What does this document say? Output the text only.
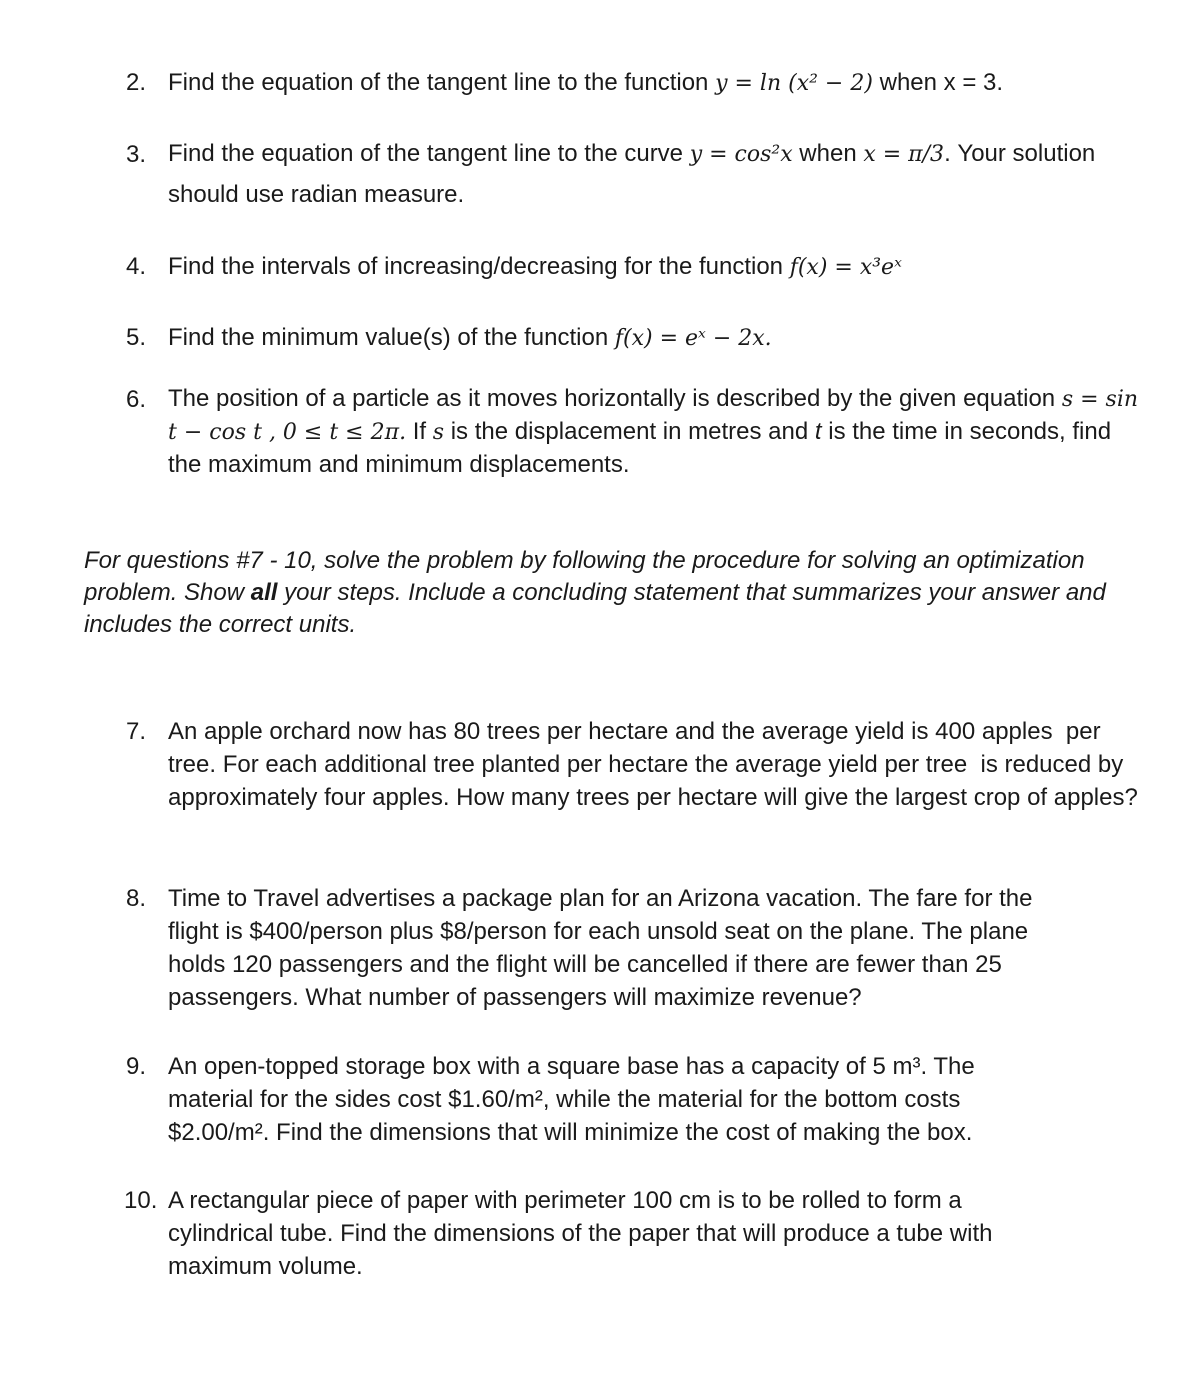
2. Find the equation of the tangent line to the function y = ln (x² − 2) when x = 3.
3. Find the equation of the tangent line to the curve y = cos²x when x = π/3. Your solution should use radian measure.
4. Find the intervals of increasing/decreasing for the function f(x) = x³eˣ
5. Find the minimum value(s) of the function f(x) = eˣ − 2x.
6. The position of a particle as it moves horizontally is described by the given equation s = sin t − cos t , 0 ≤ t ≤ 2π. If s is the displacement in metres and t is the time in seconds, find the maximum and minimum displacements.
For questions #7 - 10, solve the problem by following the procedure for solving an optimization problem. Show all your steps. Include a concluding statement that summarizes your answer and includes the correct units.
7. An apple orchard now has 80 trees per hectare and the average yield is 400 apples  per tree. For each additional tree planted per hectare the average yield per tree  is reduced by approximately four apples. How many trees per hectare will give the largest crop of apples?
8. Time to Travel advertises a package plan for an Arizona vacation. The fare for the flight is $400/person plus $8/person for each unsold seat on the plane. The plane holds 120 passengers and the flight will be cancelled if there are fewer than 25 passengers. What number of passengers will maximize revenue?
9. An open-topped storage box with a square base has a capacity of 5 m³. The material for the sides cost $1.60/m², while the material for the bottom costs $2.00/m². Find the dimensions that will minimize the cost of making the box.
10. A rectangular piece of paper with perimeter 100 cm is to be rolled to form a cylindrical tube. Find the dimensions of the paper that will produce a tube with maximum volume.
